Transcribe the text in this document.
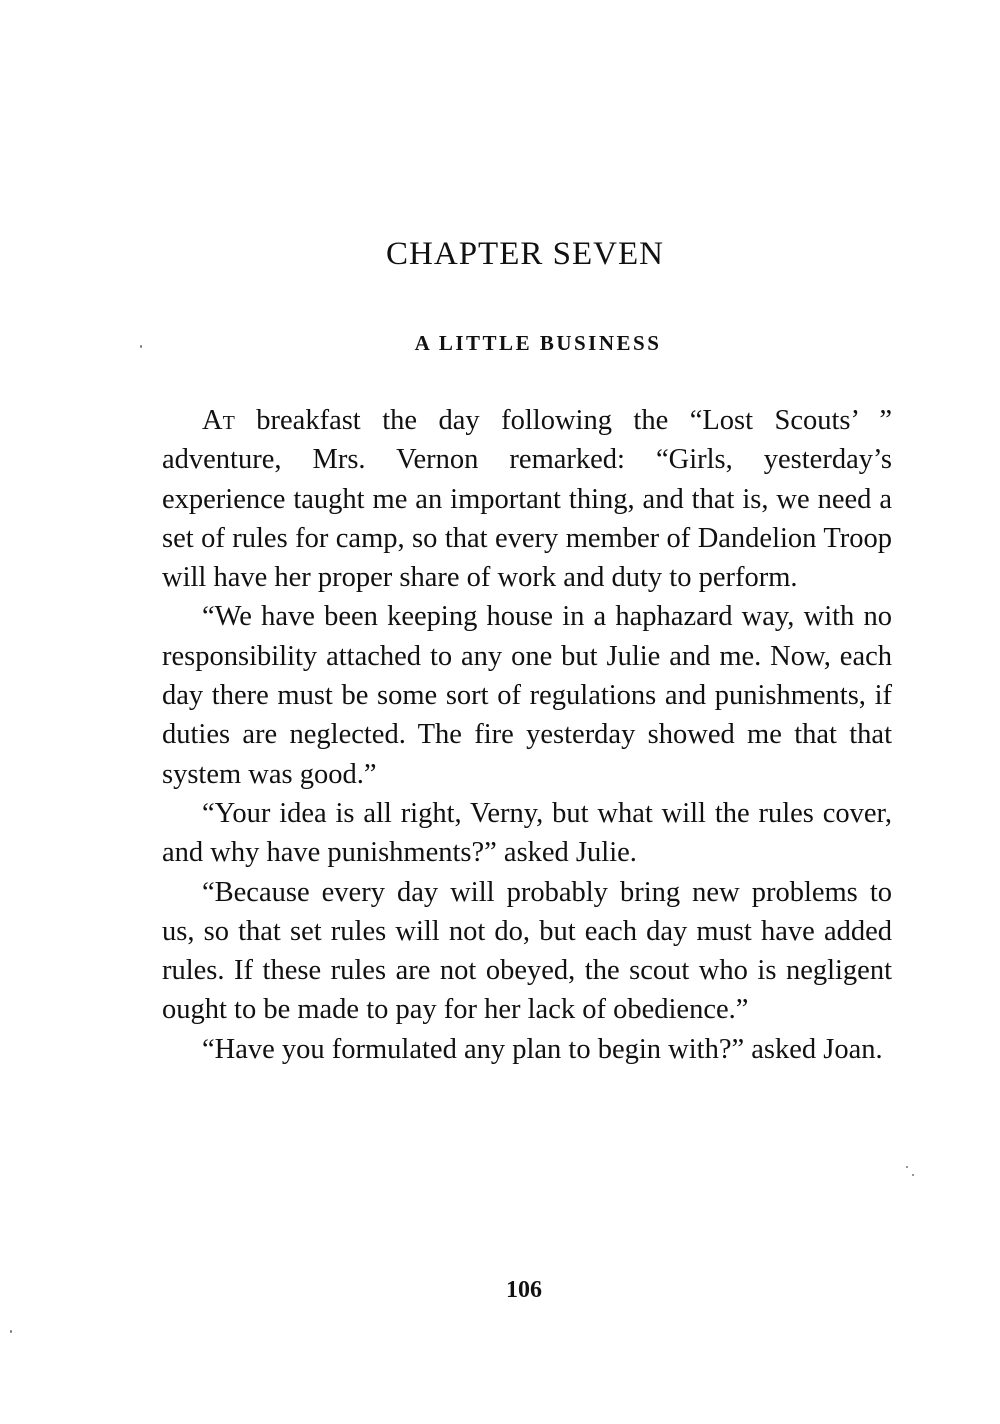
CHAPTER SEVEN
A LITTLE BUSINESS

At breakfast the day following the “Lost Scouts’ ” adventure, Mrs. Vernon remarked: “Girls, yesterday’s experience taught me an important thing, and that is, we need a set of rules for camp, so that every member of Dandelion Troop will have her proper share of work and duty to perform.

“We have been keeping house in a haphazard way, with no responsibility attached to any one but Julie and me. Now, each day there must be some sort of regulations and punishments, if duties are neglected. The fire yesterday showed me that that system was good.”

“Your idea is all right, Verny, but what will the rules cover, and why have punishments?” asked Julie.

“Because every day will probably bring new problems to us, so that set rules will not do, but each day must have added rules. If these rules are not obeyed, the scout who is negligent ought to be made to pay for her lack of obedience.”

“Have you formulated any plan to begin with?” asked Joan.

106
